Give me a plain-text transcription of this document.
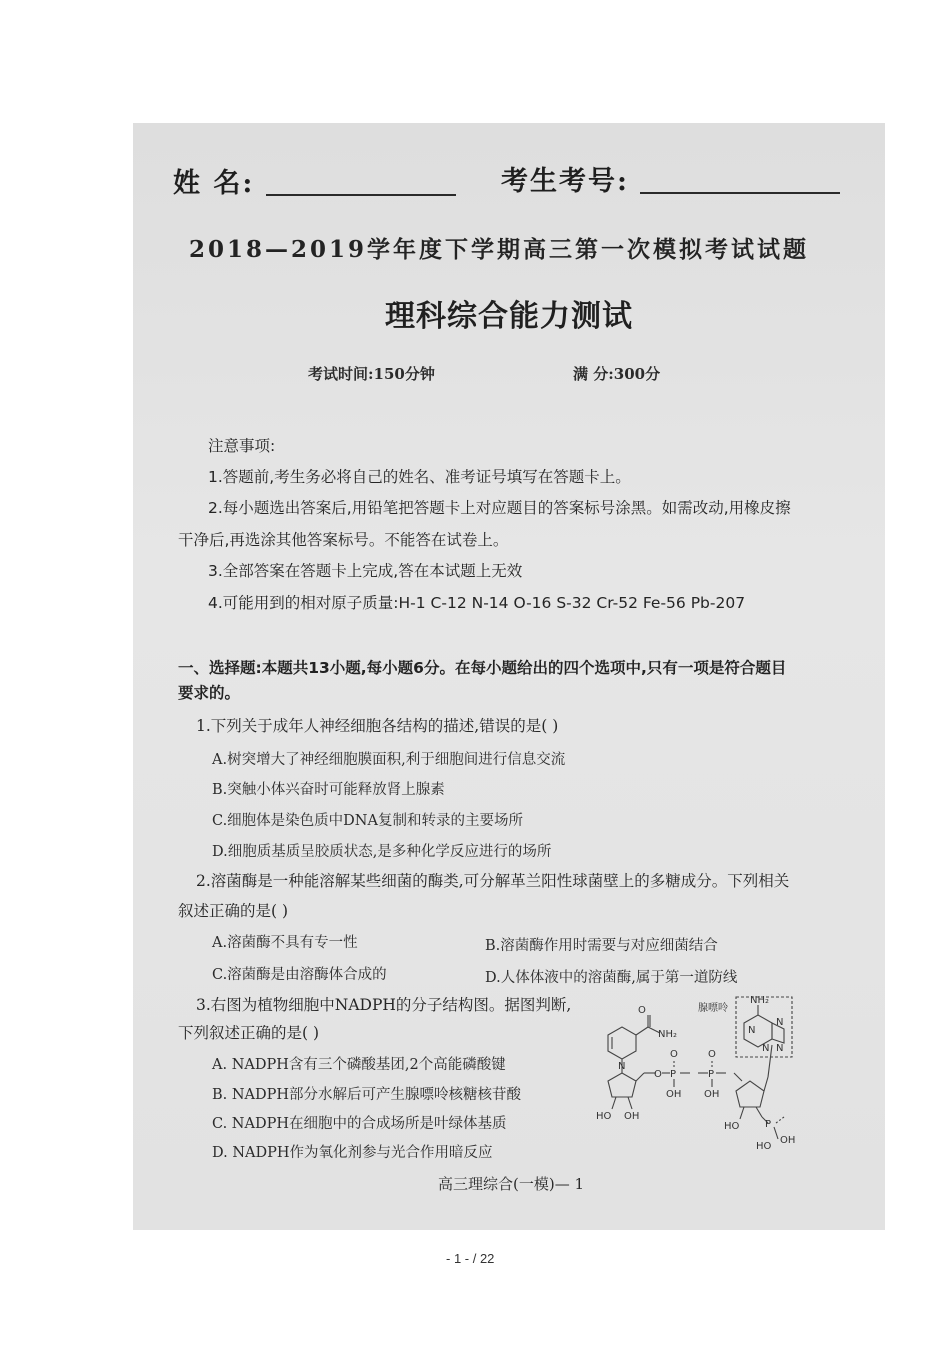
姓 名:	考生考号:
2018—2019学年度下学期高三第一次模拟考试试题
理科综合能力测试
考试时间:150分钟	满 分:300分
注意事项:
1.答题前,考生务必将自己的姓名、准考证号填写在答题卡上。
2.每小题选出答案后,用铅笔把答题卡上对应题目的答案标号涂黑。如需改动,用橡皮擦
干净后,再选涂其他答案标号。不能答在试卷上。
3.全部答案在答题卡上完成,答在本试题上无效
4.可能用到的相对原子质量:H-1 C-12 N-14 O-16 S-32 Cr-52 Fe-56 Pb-207
一、选择题:本题共13小题,每小题6分。在每小题给出的四个选项中,只有一项是符合题目
要求的。
1.下列关于成年人神经细胞各结构的描述,错误的是( )
A.树突增大了神经细胞膜面积,利于细胞间进行信息交流
B.突触小体兴奋时可能释放肾上腺素
C.细胞体是染色质中DNA复制和转录的主要场所
D.细胞质基质呈胶质状态,是多种化学反应进行的场所
2.溶菌酶是一种能溶解某些细菌的酶类,可分解革兰阳性球菌壁上的多糖成分。下列相关
叙述正确的是( )
A.溶菌酶不具有专一性	B.溶菌酶作用时需要与对应细菌结合
C.溶菌酶是由溶酶体合成的	D.人体体液中的溶菌酶,属于第一道防线
3.右图为植物细胞中NADPH的分子结构图。据图判断,
下列叙述正确的是( )
A. NADPH含有三个磷酸基团,2个高能磷酸键
B. NADPH部分水解后可产生腺嘌呤核糖核苷酸
C. NADPH在细胞中的合成场所是叶绿体基质
D. NADPH作为氧化剂参与光合作用暗反应
NH₂
腺嘌呤
O
NH₂
N
N
N
N
N
O P
O
P
O
OH OH
HO OH
HO	P
HO
OH
高三理综合(一模)— 1
- 1 - / 22
